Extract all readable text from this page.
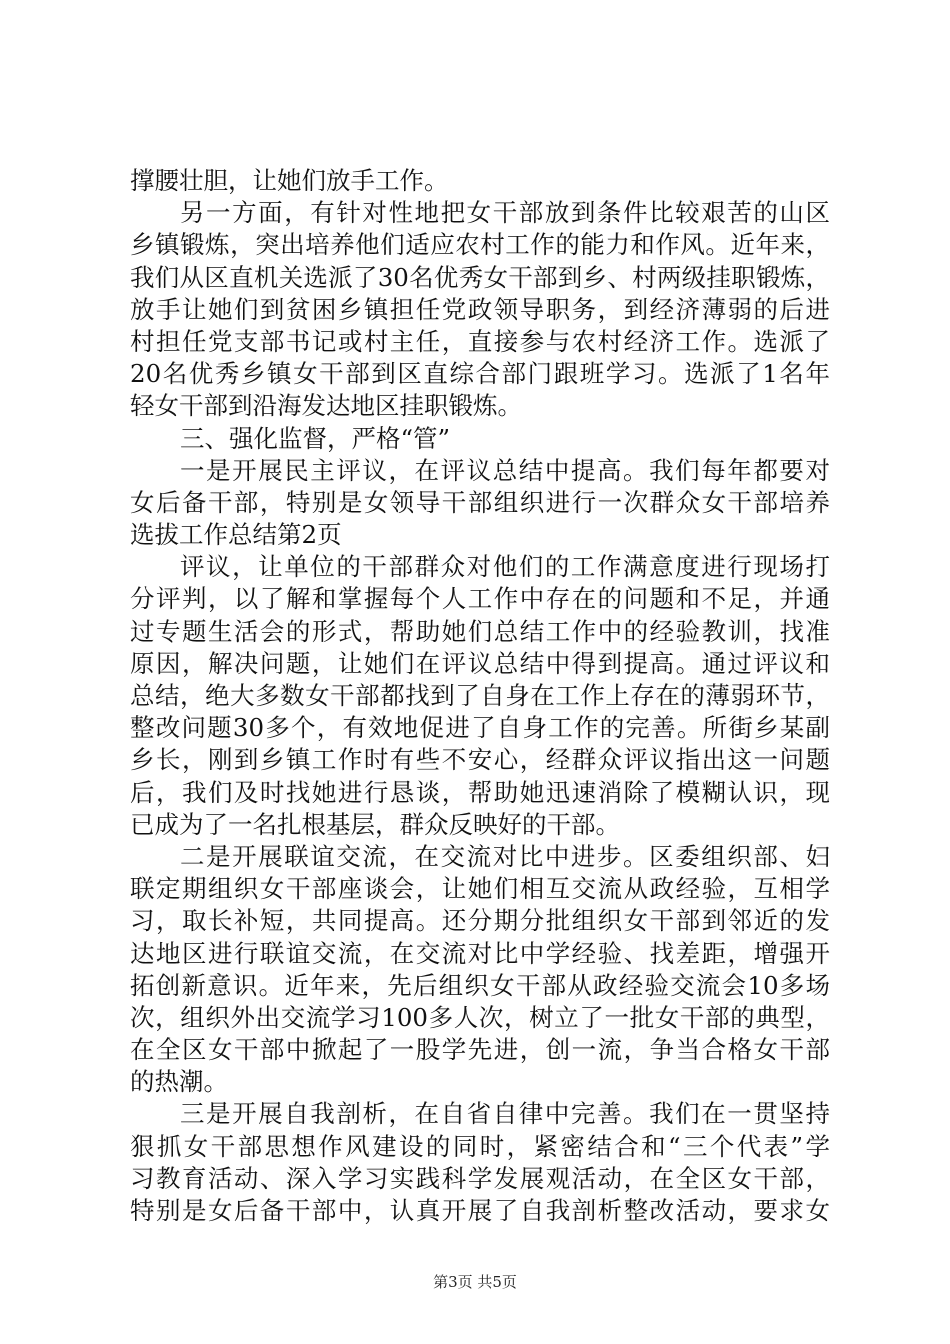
撑腰壮胆，让她们放手工作。
另一方面，有针对性地把女干部放到条件比较艰苦的山区
乡镇锻炼，突出培养他们适应农村工作的能力和作风。近年来，
我们从区直机关选派了30名优秀女干部到乡、村两级挂职锻炼，
放手让她们到贫困乡镇担任党政领导职务，到经济薄弱的后进
村担任党支部书记或村主任，直接参与农村经济工作。选派了
20名优秀乡镇女干部到区直综合部门跟班学习。选派了1名年
轻女干部到沿海发达地区挂职锻炼。
三、强化监督，严格“管”
一是开展民主评议，在评议总结中提高。我们每年都要对
女后备干部，特别是女领导干部组织进行一次群众女干部培养
选拔工作总结第2页
评议，让单位的干部群众对他们的工作满意度进行现场打
分评判，以了解和掌握每个人工作中存在的问题和不足，并通
过专题生活会的形式，帮助她们总结工作中的经验教训，找准
原因，解决问题，让她们在评议总结中得到提高。通过评议和
总结，绝大多数女干部都找到了自身在工作上存在的薄弱环节，
整改问题30多个，有效地促进了自身工作的完善。所街乡某副
乡长，刚到乡镇工作时有些不安心，经群众评议指出这一问题
后，我们及时找她进行恳谈，帮助她迅速消除了模糊认识，现
已成为了一名扎根基层，群众反映好的干部。
二是开展联谊交流，在交流对比中进步。区委组织部、妇
联定期组织女干部座谈会，让她们相互交流从政经验，互相学
习，取长补短，共同提高。还分期分批组织女干部到邻近的发
达地区进行联谊交流，在交流对比中学经验、找差距，增强开
拓创新意识。近年来，先后组织女干部从政经验交流会10多场
次，组织外出交流学习100多人次，树立了一批女干部的典型，
在全区女干部中掀起了一股学先进，创一流，争当合格女干部
的热潮。
三是开展自我剖析，在自省自律中完善。我们在一贯坚持
狠抓女干部思想作风建设的同时，紧密结合和“三个代表”学
习教育活动、深入学习实践科学发展观活动，在全区女干部，
特别是女后备干部中，认真开展了自我剖析整改活动，要求女
第3页 共5页
